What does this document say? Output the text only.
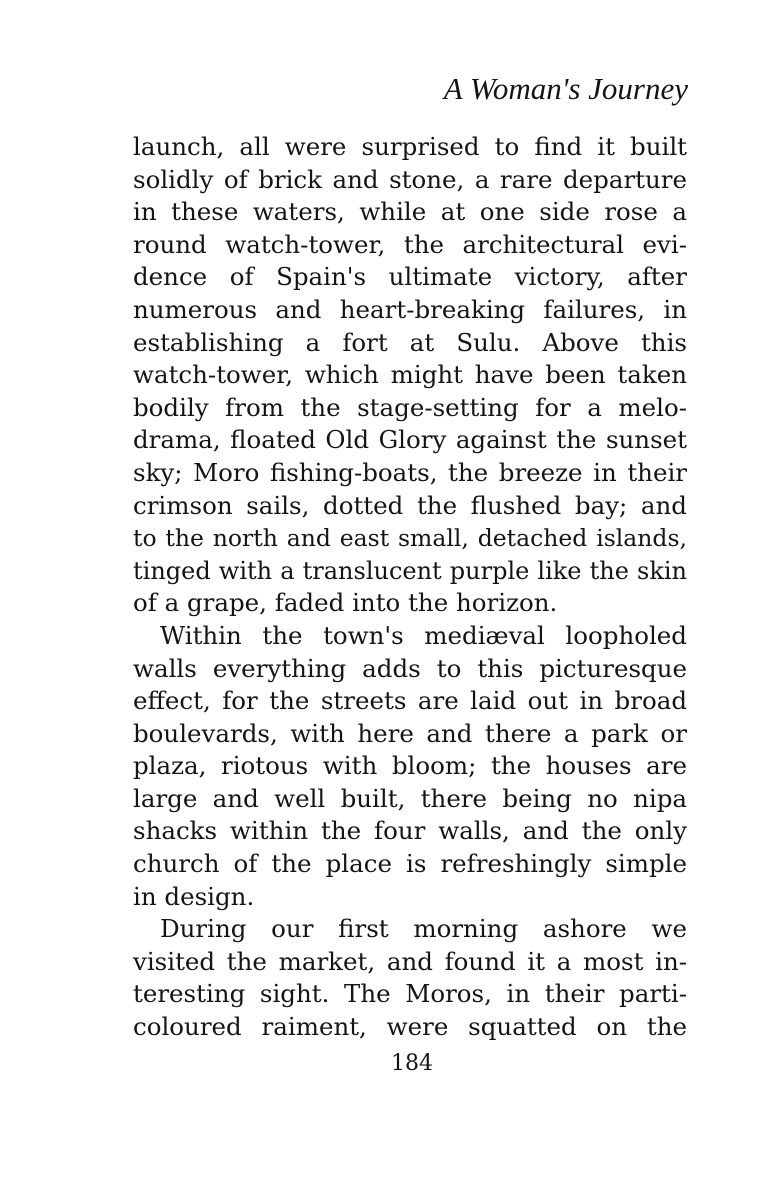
A Woman's Journey

launch, all were surprised to find it built
solidly of brick and stone, a rare departure
in these waters, while at one side rose a
round watch-tower, the architectural evi-
dence of Spain's ultimate victory, after
numerous and heart-breaking failures, in
establishing a fort at Sulu. Above this
watch-tower, which might have been taken
bodily from the stage-setting for a melo-
drama, floated Old Glory against the sunset
sky; Moro fishing-boats, the breeze in their
crimson sails, dotted the flushed bay; and
to the north and east small, detached islands,
tinged with a translucent purple like the skin
of a grape, faded into the horizon.

Within the town's mediæval loopholed
walls everything adds to this picturesque
effect, for the streets are laid out in broad
boulevards, with here and there a park or
plaza, riotous with bloom; the houses are
large and well built, there being no nipa
shacks within the four walls, and the only
church of the place is refreshingly simple
in design.

During our first morning ashore we
visited the market, and found it a most in-
teresting sight. The Moros, in their parti-
coloured raiment, were squatted on the

184
